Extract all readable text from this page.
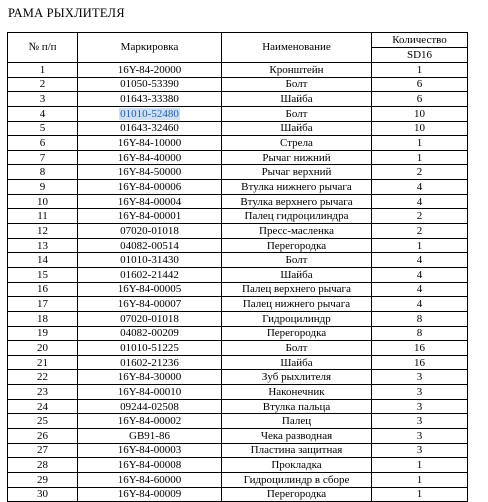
РАМА РЫХЛИТЕЛЯ
№ п/п	Маркировка	Наименование	Количество
			SD16
1	16Y-84-20000	Кронштейн	1
2	01050-53390	Болт	6
3	01643-33380	Шайба	6
4	01010-52480	Болт	10
5	01643-32460	Шайба	10
6	16Y-84-10000	Стрела	1
7	16Y-84-40000	Рычаг нижний	1
8	16Y-84-50000	Рычаг верхний	2
9	16Y-84-00006	Втулка нижнего рычага	4
10	16Y-84-00004	Втулка верхнего рычага	4
11	16Y-84-00001	Палец гидроцилиндра	2
12	07020-01018	Пресс-масленка	2
13	04082-00514	Перегородка	1
14	01010-31430	Болт	4
15	01602-21442	Шайба	4
16	16Y-84-00005	Палец верхнего рычага	4
17	16Y-84-00007	Палец нижнего рычага	4
18	07020-01018	Гидроцилиндр	8
19	04082-00209	Перегородка	8
20	01010-51225	Болт	16
21	01602-21236	Шайба	16
22	16Y-84-30000	Зуб рыхлителя	3
23	16Y-84-00010	Наконечник	3
24	09244-02508	Втулка пальца	3
25	16Y-84-00002	Палец	3
26	GB91-86	Чека разводная	3
27	16Y-84-00003	Пластина защитная	3
28	16Y-84-00008	Прокладка	1
29	16Y-84-60000	Гидроцилиндр в сборе	1
30	16Y-84-00009	Перегородка	1
